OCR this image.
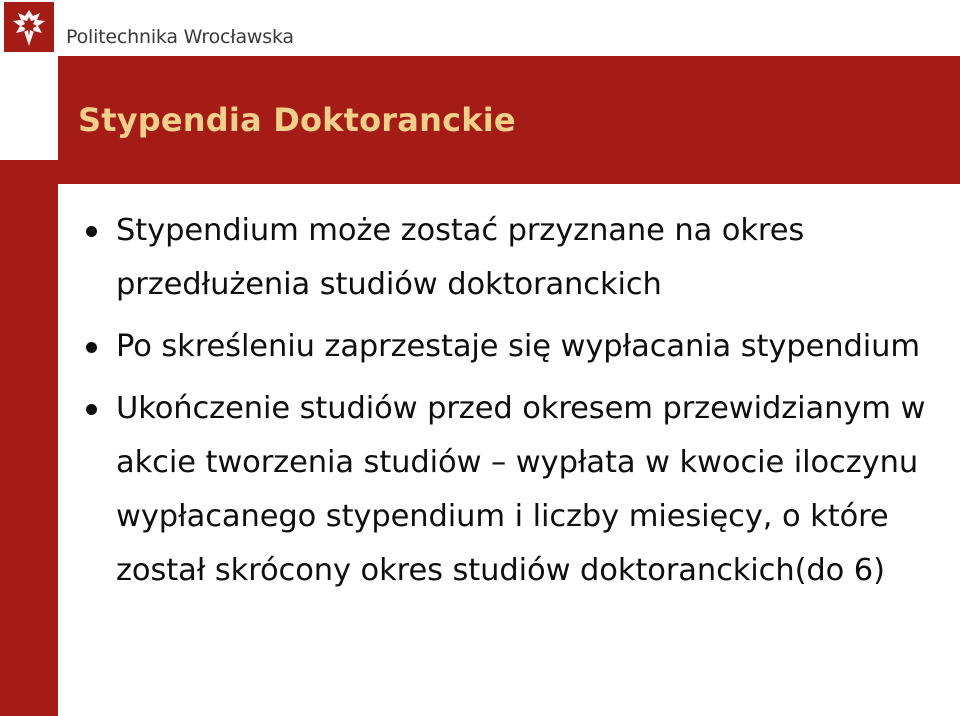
Politechnika Wrocławska
Stypendia Doktoranckie
Stypendium może zostać przyznane na okres przedłużenia studiów doktoranckich
Po skreśleniu zaprzestaje się wypłacania stypendium
Ukończenie studiów przed okresem przewidzianym w akcie tworzenia studiów – wypłata w kwocie iloczynu wypłacanego stypendium i liczby miesięcy, o które został skrócony okres studiów doktoranckich(do 6)
